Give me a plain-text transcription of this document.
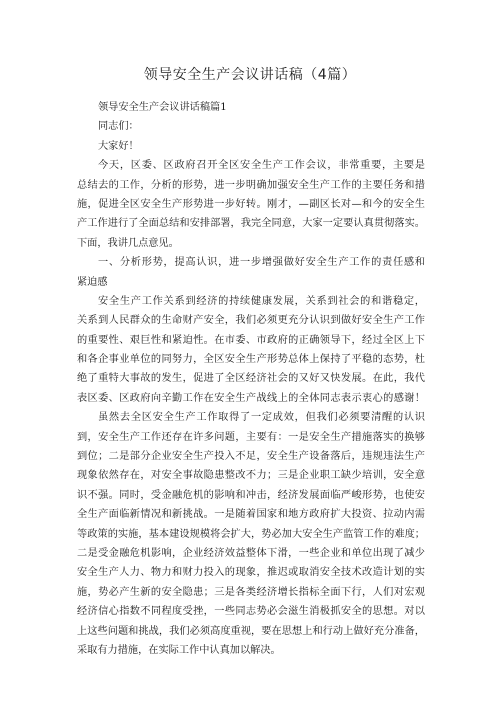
领导安全生产会议讲话稿（4篇）
领导安全生产会议讲话稿篇1
同志们：
大家好！
今天，区委、区政府召开全区安全生产工作会议，非常重要，主要是
总结去的工作，分析的形势，进一步明确加强安全生产工作的主要任务和措
施，促进全区安全生产形势进一步好转。刚才，—副区长对—和今的安全生
产工作进行了全面总结和安排部署，我完全同意，大家一定要认真贯彻落实。
下面，我讲几点意见。
一、分析形势，提高认识，进一步增强做好安全生产工作的责任感和
紧迫感
安全生产工作关系到经济的持续健康发展，关系到社会的和谐稳定，
关系到人民群众的生命财产安全，我们必须更充分认识到做好安全生产工作
的重要性、艰巨性和紧迫性。在市委、市政府的正确领导下，经过全区上下
和各企事业单位的同努力，全区安全生产形势总体上保持了平稳的态势，杜
绝了重特大事故的发生，促进了全区经济社会的又好又快发展。在此，我代
表区委、区政府向辛勤工作在安全生产战线上的全体同志表示衷心的感谢！
虽然去全区安全生产工作取得了一定成效，但我们必须要清醒的认识
到，安全生产工作还存在许多问题，主要有：一是安全生产措施落实的换够
到位；二是部分企业安全生产投入不足，安全生产设备落后，违规违法生产
现象依然存在，对安全事故隐患整改不力；三是企业职工缺少培训，安全意
识不强。同时，受金融危机的影响和冲击，经济发展面临严峻形势，也使安
全生产面临新情况和新挑战。一是随着国家和地方政府扩大投资、拉动内需
等政策的实施，基本建设规模将会扩大，势必加大安全生产监管工作的难度；
二是受金融危机影响，企业经济效益整体下滑，一些企业和单位出现了减少
安全生产人力、物力和财力投入的现象，推迟或取消安全技术改造计划的实
施，势必产生新的安全隐患；三是各类经济增长指标全面下行，人们对宏观
经济信心指数不同程度受挫，一些同志势必会滋生消极抓安全的思想。对以
上这些问题和挑战，我们必须高度重视，要在思想上和行动上做好充分准备，
采取有力措施，在实际工作中认真加以解决。
